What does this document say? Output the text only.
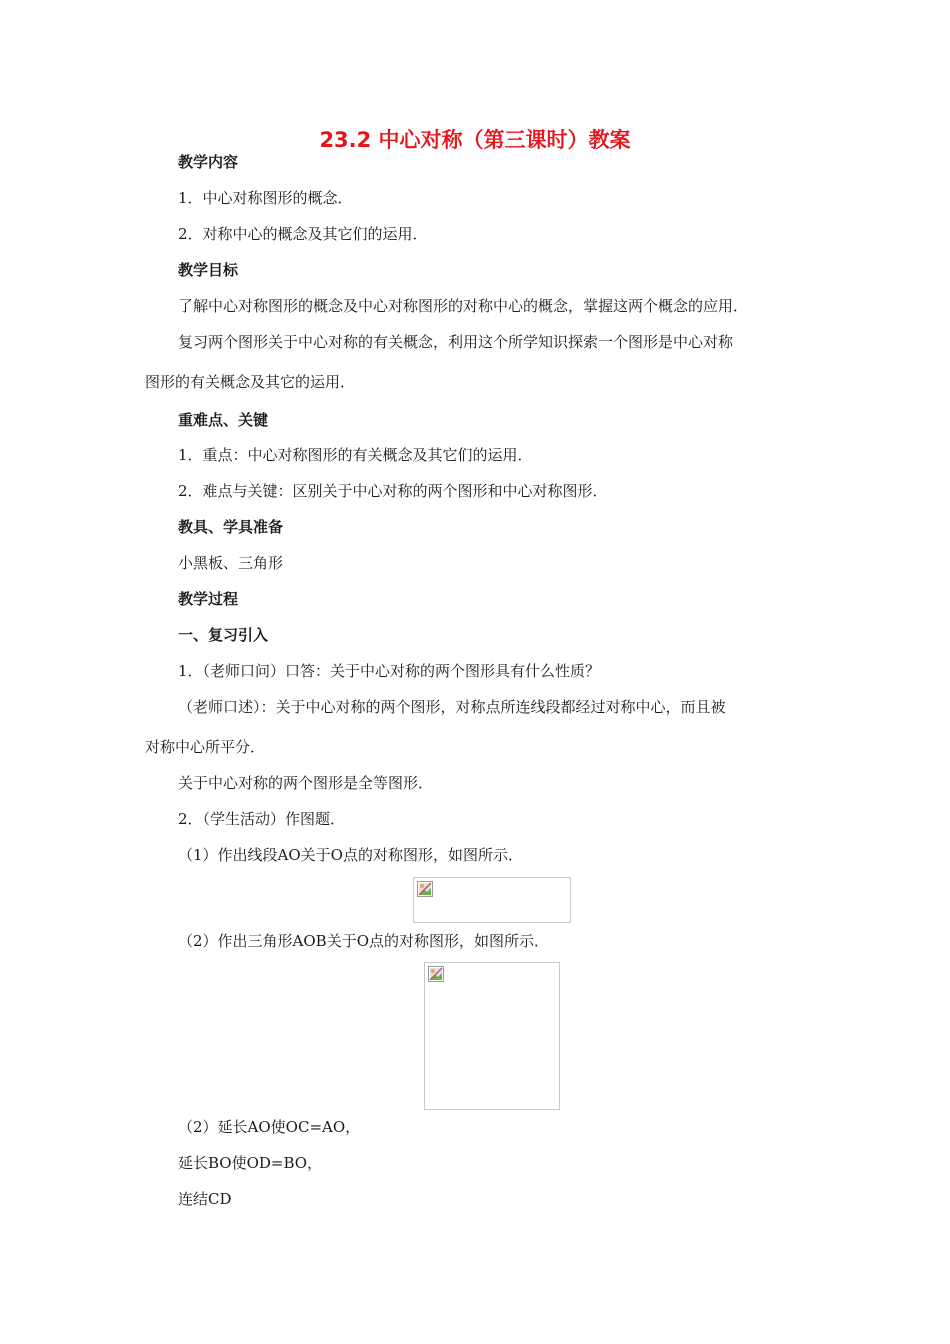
23.2 中心对称（第三课时）教案
教学内容
1．中心对称图形的概念．
2．对称中心的概念及其它们的运用．
教学目标
了解中心对称图形的概念及中心对称图形的对称中心的概念，掌握这两个概念的应用．
复习两个图形关于中心对称的有关概念，利用这个所学知识探索一个图形是中心对称
图形的有关概念及其它的运用．
重难点、关键
1．重点：中心对称图形的有关概念及其它们的运用．
2．难点与关键：区别关于中心对称的两个图形和中心对称图形．
教具、学具准备
小黑板、三角形
教学过程
一、复习引入
1．（老师口问）口答：关于中心对称的两个图形具有什么性质？
（老师口述）：关于中心对称的两个图形，对称点所连线段都经过对称中心，而且被
对称中心所平分．
关于中心对称的两个图形是全等图形．
2．（学生活动）作图题．
（1）作出线段AO关于O点的对称图形，如图所示．
（2）作出三角形AOB关于O点的对称图形，如图所示．
（2）延长AO使OC=AO，
延长BO使OD=BO，
连结CD
